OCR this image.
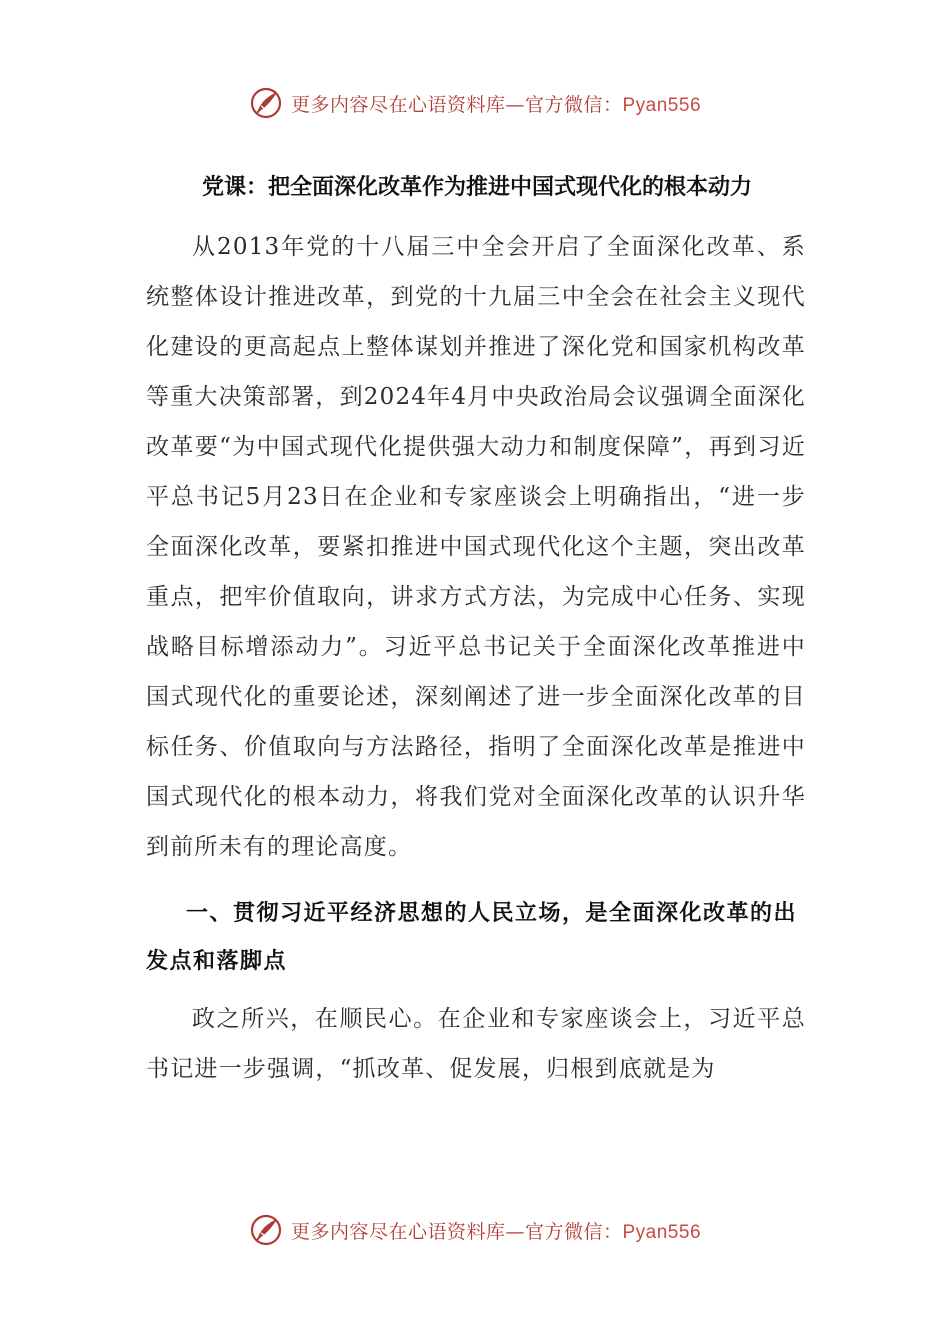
更多内容尽在心语资料库—官方微信：Pyan556
党课：把全面深化改革作为推进中国式现代化的根本动力

从2013年党的十八届三中全会开启了全面深化改革、系统整体设计推进改革，到党的十九届三中全会在社会主义现代化建设的更高起点上整体谋划并推进了深化党和国家机构改革等重大决策部署，到2024年4月中央政治局会议强调全面深化改革要“为中国式现代化提供强大动力和制度保障”，再到习近平总书记5月23日在企业和专家座谈会上明确指出，“进一步全面深化改革，要紧扣推进中国式现代化这个主题，突出改革重点，把牢价值取向，讲求方式方法，为完成中心任务、实现战略目标增添动力”。习近平总书记关于全面深化改革推进中国式现代化的重要论述，深刻阐述了进一步全面深化改革的目标任务、价值取向与方法路径，指明了全面深化改革是推进中国式现代化的根本动力，将我们党对全面深化改革的认识升华到前所未有的理论高度。

一、贯彻习近平经济思想的人民立场，是全面深化改革的出发点和落脚点

政之所兴，在顺民心。在企业和专家座谈会上，习近平总书记进一步强调，“抓改革、促发展，归根到底就是为

更多内容尽在心语资料库—官方微信：Pyan556
